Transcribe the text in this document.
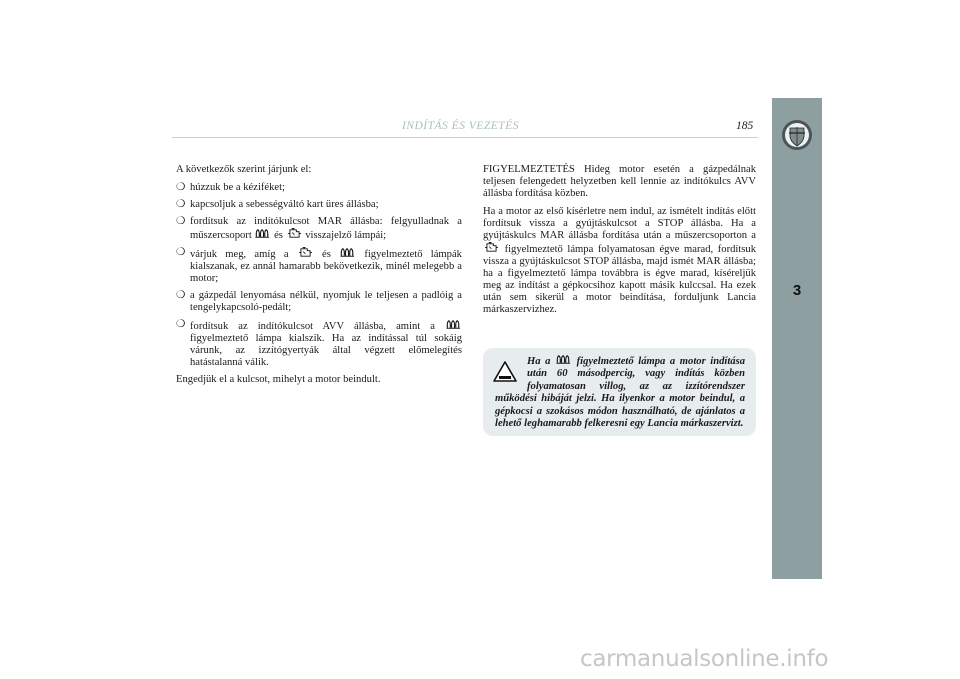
INDÍTÁS ÉS VEZETÉS	185
3

A következők szerint járjunk el:

❍ húzzuk be a kéziféket;
❍ kapcsoljuk a sebességváltó kart üres állásba;
❍ fordítsuk az indítókulcsot MAR állásba: felgyulladnak a műszercsoport és visszajelző lámpái;
❍ várjuk meg, amíg a	és	figyelmeztető lámpák kialszanak, ez annál hamarabb bekövetkezik, minél melegebb a motor;
❍ a gázpedál lenyomása nélkül, nyomjuk le teljesen a padlóig a tengelykapcsoló-pedált;
❍ fordítsuk az indítókulcsot AVV állásba, amint a  figyelmeztető lámpa kialszik. Ha az indítással túl sokáig várunk, az izzítógyertyák által végzett előmelegítés hatástalanná válik.

Engedjük el a kulcsot, mihelyt a motor beindult.

FIGYELMEZTETÉS Hideg motor esetén a gázpedálnak teljesen felengedett helyzetben kell lennie az indítókulcs AVV állásba fordítása közben.

Ha a motor az első kísérletre nem indul, az ismételt indítás előtt fordítsuk vissza a gyújtáskulcsot a STOP állásba. Ha a gyújtáskulcs MAR állásba fordítása után a műszercsoporton a  figyelmeztető lámpa folyamatosan égve marad, fordítsuk vissza a gyújtáskulcsot STOP állásba, majd ismét MAR állásba; ha a figyelmeztető lámpa továbbra is égve marad, kíséreljük meg az indítást a gépkocsihoz kapott másik kulccsal. Ha ezek után sem sikerül a motor beindítása, forduljunk Lancia márkaszervizhez.

Ha a figyelmeztető lámpa a motor indítása után 60 másodpercig, vagy indítás közben folyamatosan villog, az az izzítórendszer működési hibáját jelzi. Ha ilyenkor a motor beindul, a gépkocsi a szokásos módon használható, de ajánlatos a lehető leghamarabb felkeresni egy Lancia márkaszervizt.
carmanualsonline.info
